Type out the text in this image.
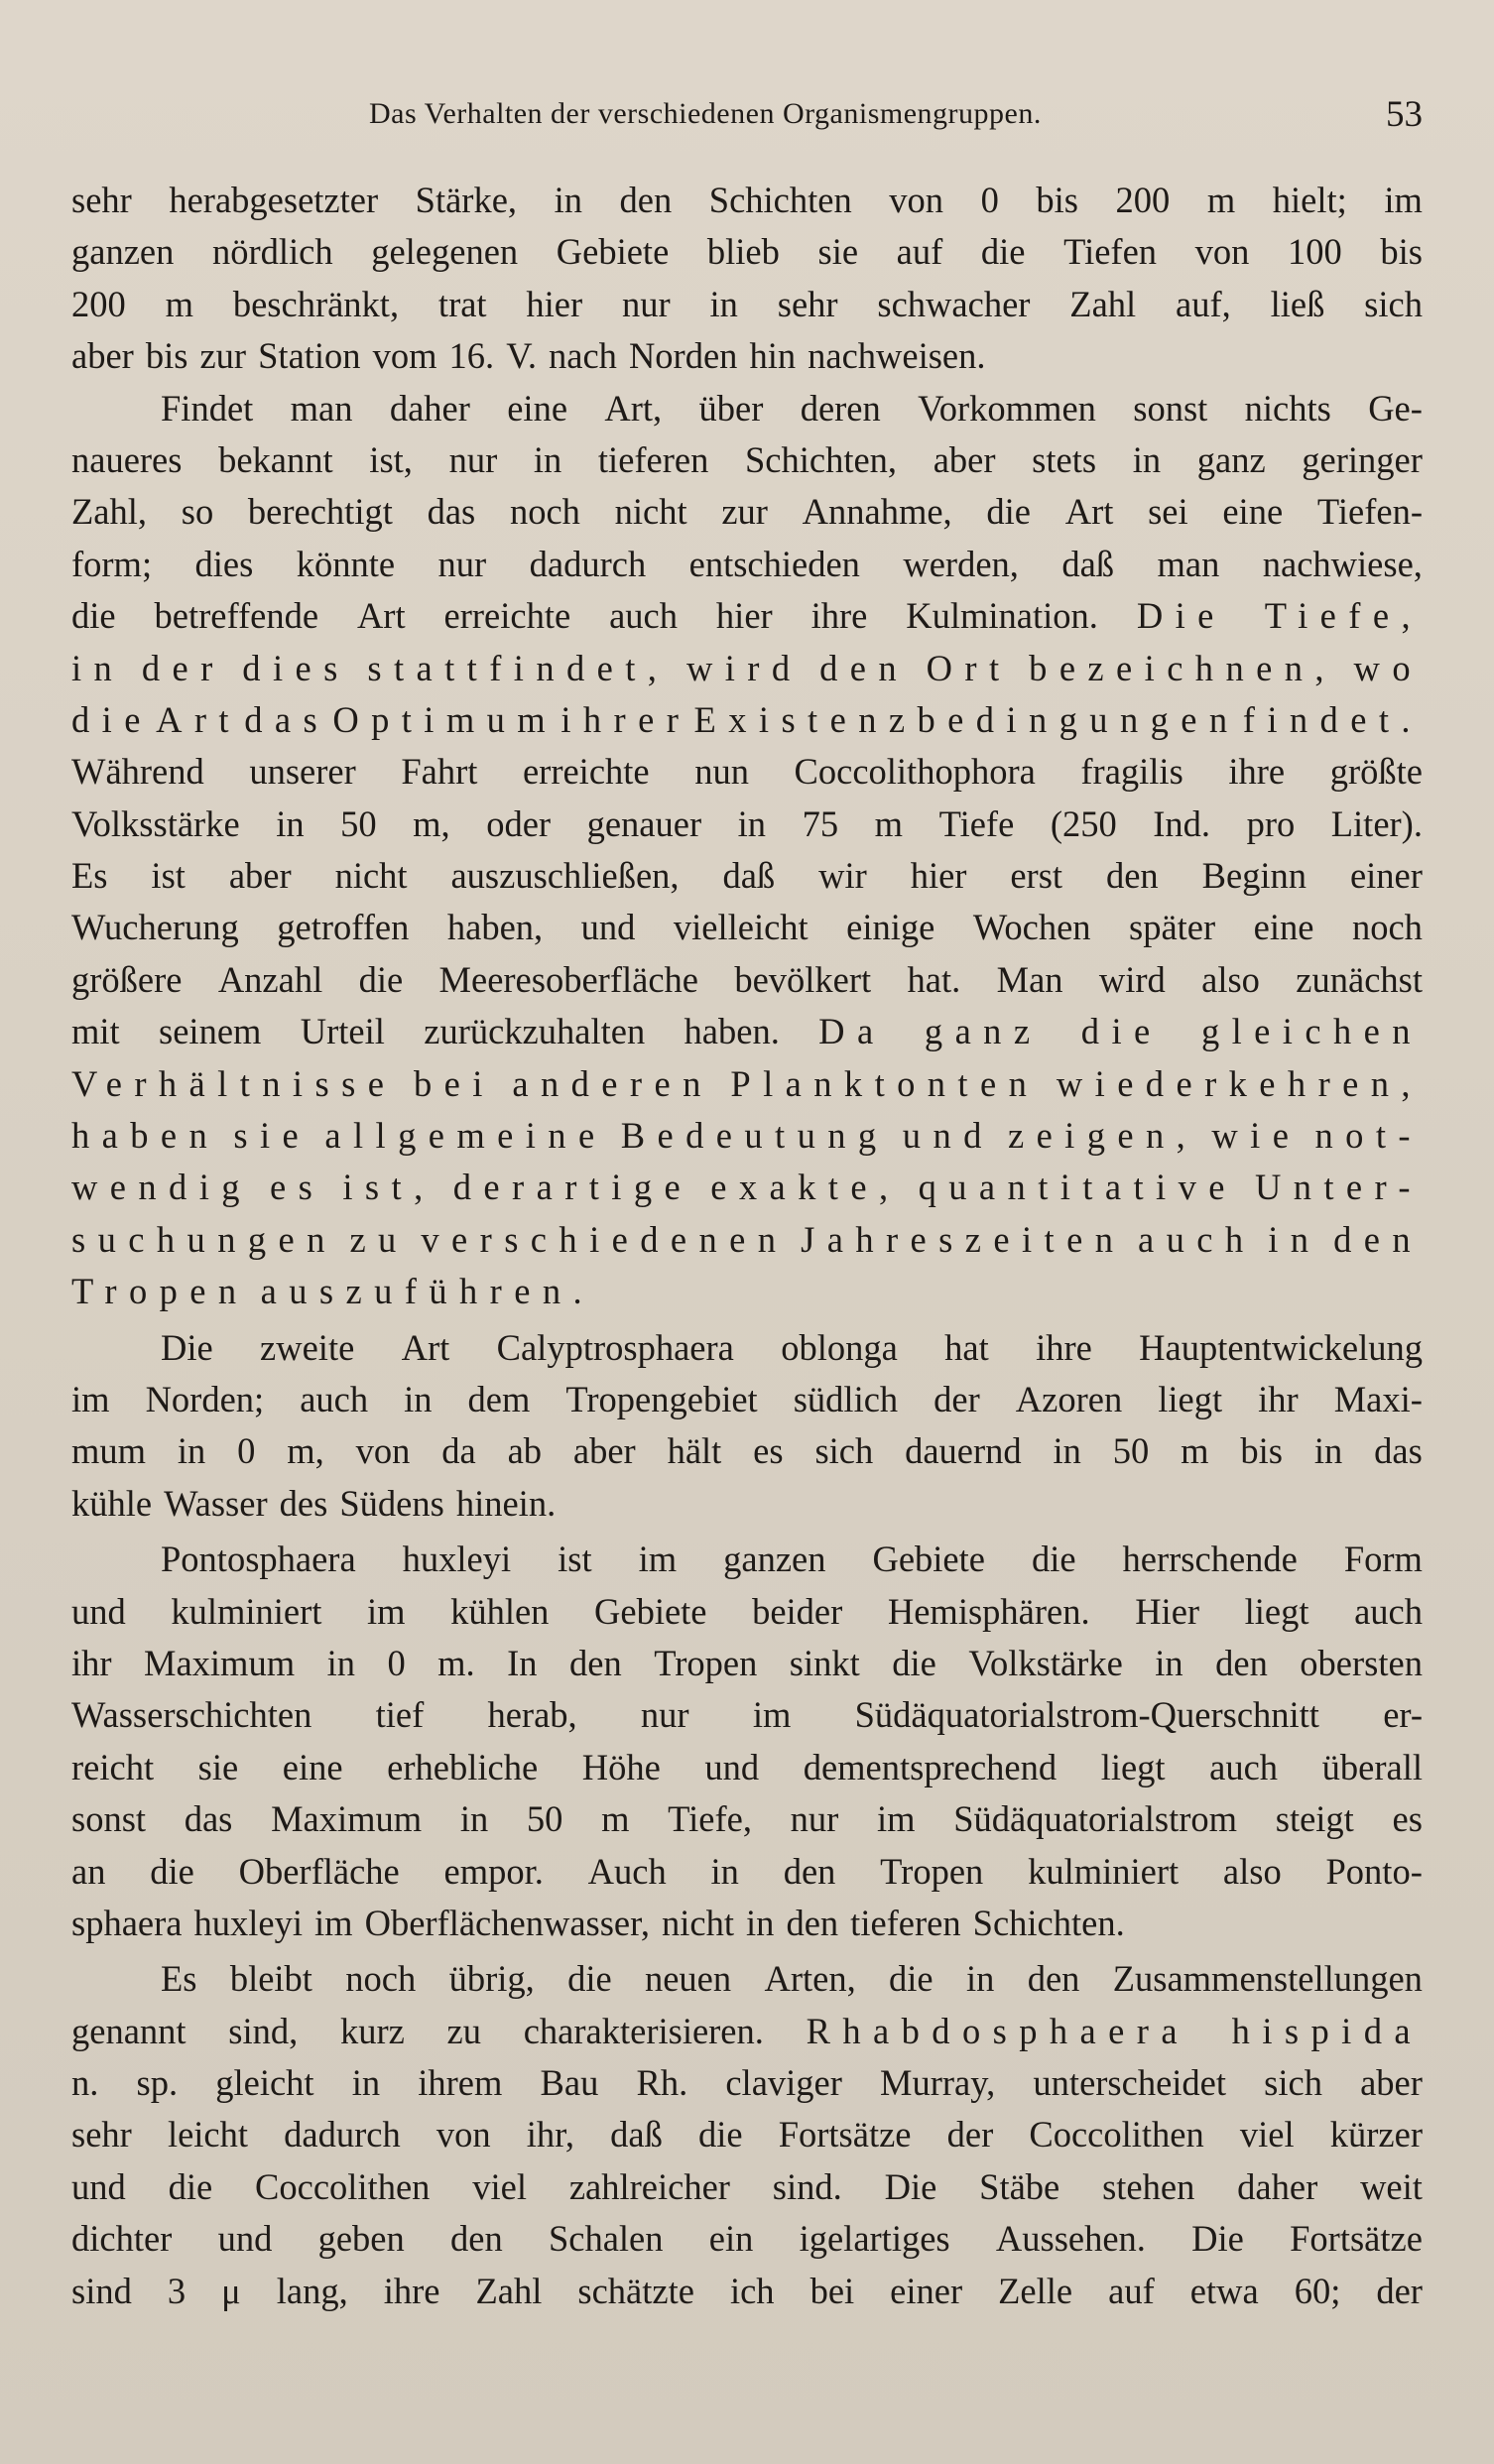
Das Verhalten der verschiedenen Organismengruppen.	53
sehr herabgesetzter Stärke, in den Schichten von 0 bis 200 m hielt; im
ganzen nördlich gelegenen Gebiete blieb sie auf die Tiefen von 100 bis
200 m beschränkt, trat hier nur in sehr schwacher Zahl auf, ließ sich
aber bis zur Station vom 16. V. nach Norden hin nachweisen.
Findet man daher eine Art, über deren Vorkommen sonst nichts Ge-
naueres bekannt ist, nur in tieferen Schichten, aber stets in ganz geringer
Zahl, so berechtigt das noch nicht zur Annahme, die Art sei eine Tiefen-
form; dies könnte nur dadurch entschieden werden, daß man nachwiese,
die betreffende Art erreichte auch hier ihre Kulmination. Die Tiefe,
in der dies stattfindet, wird den Ort bezeichnen, wo
die Art das Optimum ihrer Existenzbedingungen findet.
Während unserer Fahrt erreichte nun Coccolithophora fragilis ihre größte
Volksstärke in 50 m, oder genauer in 75 m Tiefe (250 Ind. pro Liter).
Es ist aber nicht auszuschließen, daß wir hier erst den Beginn einer
Wucherung getroffen haben, und vielleicht einige Wochen später eine noch
größere Anzahl die Meeresoberfläche bevölkert hat. Man wird also zunächst
mit seinem Urteil zurückzuhalten haben. Da ganz die gleichen
Verhältnisse bei anderen Planktonten wiederkehren,
haben sie allgemeine Bedeutung und zeigen, wie not-
wendig es ist, derartige exakte, quantitative Unter-
suchungen zu verschiedenen Jahreszeiten auch in den
Tropen auszuführen.
Die zweite Art Calyptrosphaera oblonga hat ihre Hauptentwickelung
im Norden; auch in dem Tropengebiet südlich der Azoren liegt ihr Maxi-
mum in 0 m, von da ab aber hält es sich dauernd in 50 m bis in das
kühle Wasser des Südens hinein.
Pontosphaera huxleyi ist im ganzen Gebiete die herrschende Form
und kulminiert im kühlen Gebiete beider Hemisphären. Hier liegt auch
ihr Maximum in 0 m. In den Tropen sinkt die Volkstärke in den obersten
Wasserschichten tief herab, nur im Südäquatorialstrom-Querschnitt er-
reicht sie eine erhebliche Höhe und dementsprechend liegt auch überall
sonst das Maximum in 50 m Tiefe, nur im Südäquatorialstrom steigt es
an die Oberfläche empor. Auch in den Tropen kulminiert also Ponto-
sphaera huxleyi im Oberflächenwasser, nicht in den tieferen Schichten.
Es bleibt noch übrig, die neuen Arten, die in den Zusammenstellungen
genannt sind, kurz zu charakterisieren. Rhabdosphaera hispida
n. sp. gleicht in ihrem Bau Rh. claviger Murray, unterscheidet sich aber
sehr leicht dadurch von ihr, daß die Fortsätze der Coccolithen viel kürzer
und die Coccolithen viel zahlreicher sind. Die Stäbe stehen daher weit
dichter und geben den Schalen ein igelartiges Aussehen. Die Fortsätze
sind 3 μ lang, ihre Zahl schätzte ich bei einer Zelle auf etwa 60; der
